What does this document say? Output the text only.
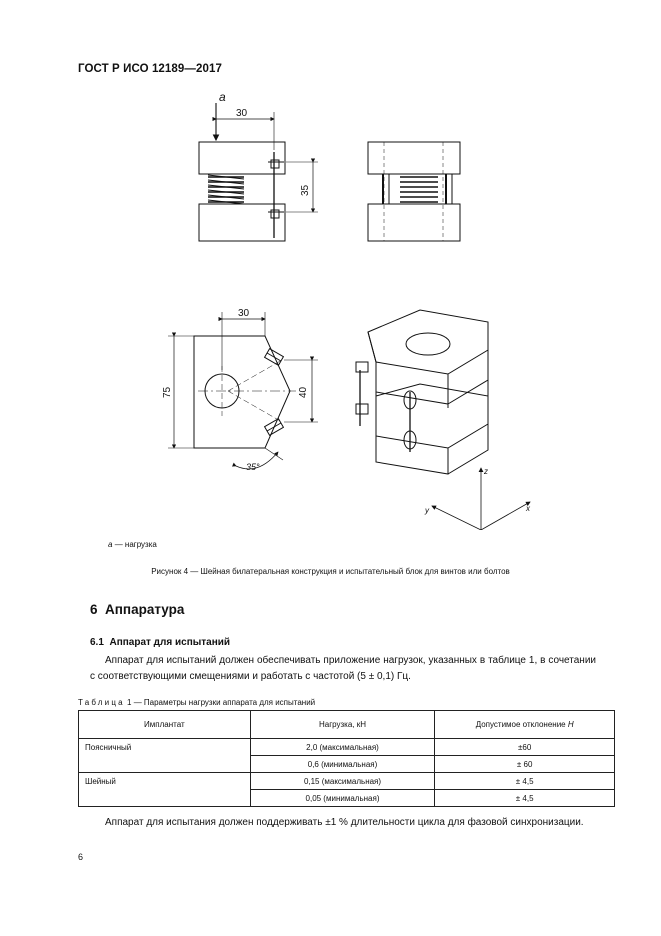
ГОСТ Р ИСО 12189—2017
a
30
35
30
75	40
35°	z
y	x
a — нагрузка
Рисунок 4 — Шейная билатеральная конструкция и испытательный блок для винтов или болтов
6 Аппаратура
6.1 Аппарат для испытаний
Аппарат для испытаний должен обеспечивать приложение нагрузок, указанных в таблице 1, в сочетании с соответствующими смещениями и работать с частотой (5 ± 0,1) Гц.
Таблица 1 — Параметры нагрузки аппарата для испытаний
Имплантат	Нагрузка, кН	Допустимое отклонение H
Поясничный	2,0 (максимальная)	±60
	0,6 (минимальная)	± 60
Шейный	0,15 (максимальная)	± 4,5
	0,05 (минимальная)	± 4,5
Аппарат для испытания должен поддерживать ±1 % длительности цикла для фазовой синхронизации.
6
